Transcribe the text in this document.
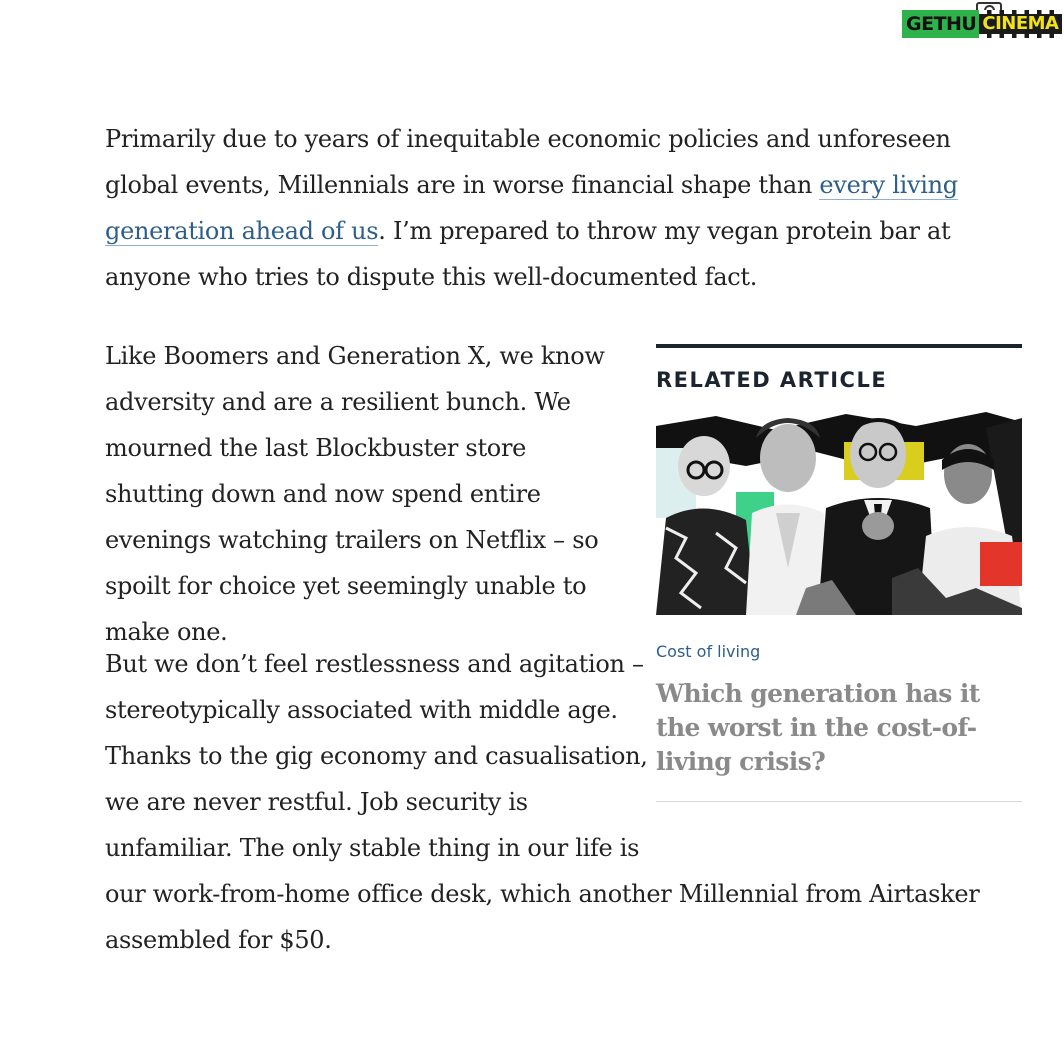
GETHU CINEMA

Primarily due to years of inequitable economic policies and unforeseen global events, Millennials are in worse financial shape than every living generation ahead of us. I’m prepared to throw my vegan protein bar at anyone who tries to dispute this well-documented fact.

Like Boomers and Generation X, we know adversity and are a resilient bunch. We mourned the last Blockbuster store shutting down and now spend entire evenings watching trailers on Netflix – so spoilt for choice yet seemingly unable to make one.

But we don’t feel restlessness and agitation –
stereotypically associated with middle age.
Thanks to the gig economy and casualisation,
we are never restful. Job security is
unfamiliar. The only stable thing in our life is
our work-from-home office desk, which another Millennial from Airtasker
assembled for $50.
RELATED ARTICLE
Cost of living
Which generation has it the worst in the cost-of-living crisis?
